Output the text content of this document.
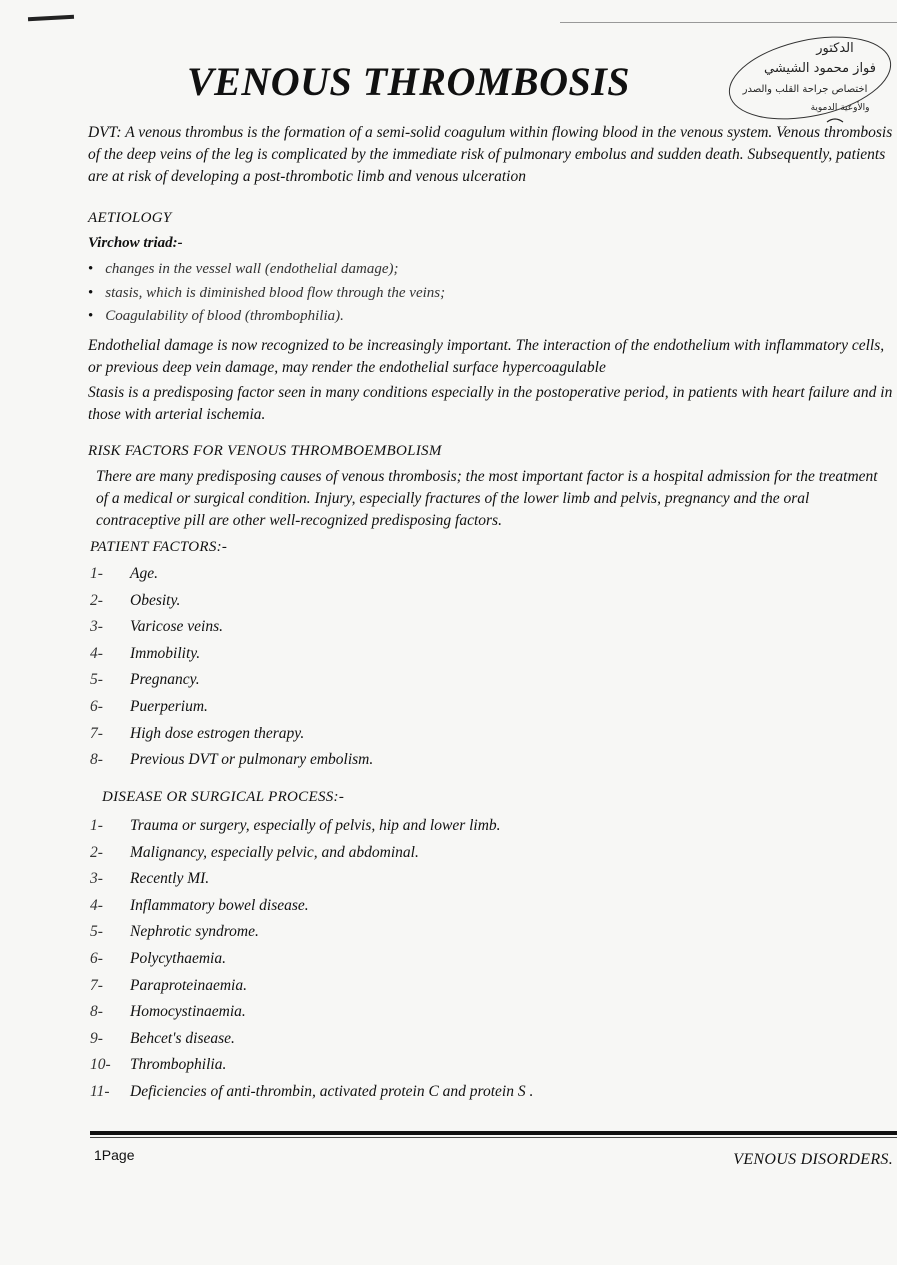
VENOUS THROMBOSIS
الدكتور
فواز محمود الشيشي
اختصاص جراحة القلب والصدر
والأوعية الدموية
DVT: A venous thrombus is the formation of a semi-solid coagulum within flowing blood in the venous system. Venous thrombosis of the deep veins of the leg is complicated by the immediate risk of pulmonary embolus and sudden death. Subsequently, patients are at risk of developing a post-thrombotic limb and venous ulceration
AETIOLOGY
Virchow triad:-
• changes in the vessel wall (endothelial damage);
• stasis, which is diminished blood flow through the veins;
• Coagulability of blood (thrombophilia).
Endothelial damage is now recognized to be increasingly important. The interaction of the endothelium with inflammatory cells, or previous deep vein damage, may render the endothelial surface hypercoagulable
Stasis is a predisposing factor seen in many conditions especially in the postoperative period, in patients with heart failure and in those with arterial ischemia.
RISK FACTORS FOR VENOUS THROMBOEMBOLISM
There are many predisposing causes of venous thrombosis; the most important factor is a hospital admission for the treatment of a medical or surgical condition. Injury, especially fractures of the lower limb and pelvis, pregnancy and the oral contraceptive pill are other well-recognized predisposing factors.
PATIENT FACTORS:-
1- Age.
2- Obesity.
3- Varicose veins.
4- Immobility.
5- Pregnancy.
6- Puerperium.
7- High dose estrogen therapy.
8- Previous DVT or pulmonary embolism.
DISEASE OR SURGICAL PROCESS:-
1- Trauma or surgery, especially of pelvis, hip and lower limb.
2- Malignancy, especially pelvic, and abdominal.
3- Recently MI.
4- Inflammatory bowel disease.
5- Nephrotic syndrome.
6- Polycythaemia.
7- Paraproteinaemia.
8- Homocystinaemia.
9- Behcet's disease.
10- Thrombophilia.
11- Deficiencies of anti-thrombin, activated protein C and protein S .
1Page	VENOUS DISORDERS.
